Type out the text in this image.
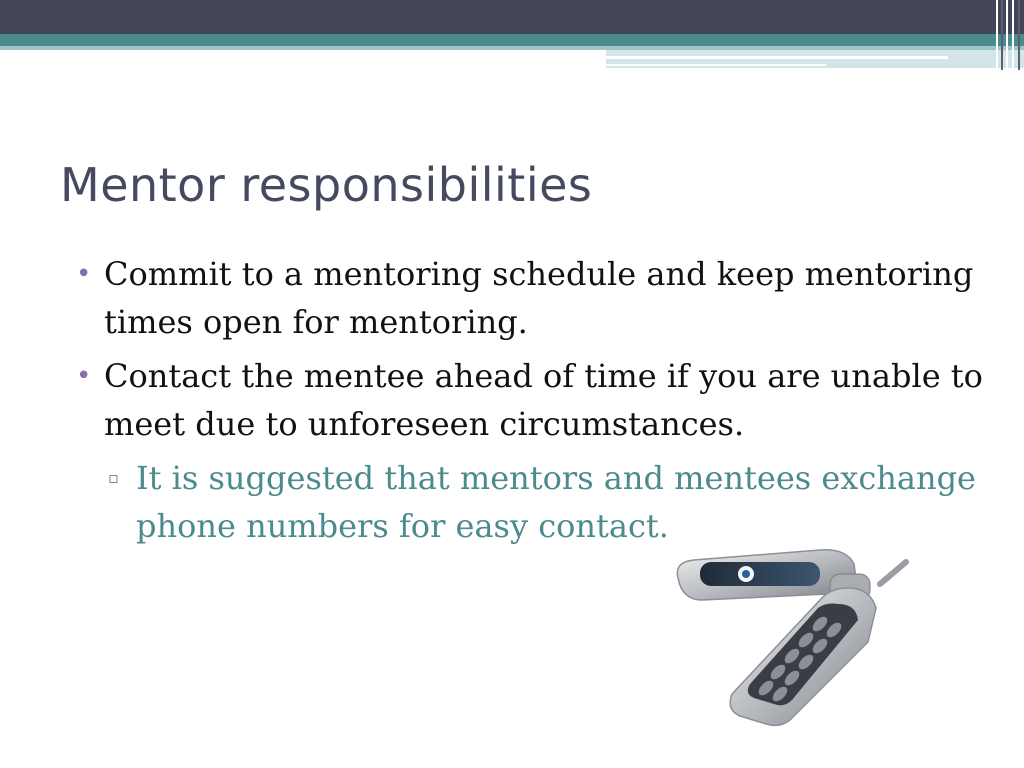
Mentor responsibilities
• Commit to a mentoring schedule and keep mentoring times open for mentoring.
• Contact the mentee ahead of time if you are unable to meet due to unforeseen circumstances.
▫ It is suggested that mentors and mentees exchange phone numbers for easy contact.
